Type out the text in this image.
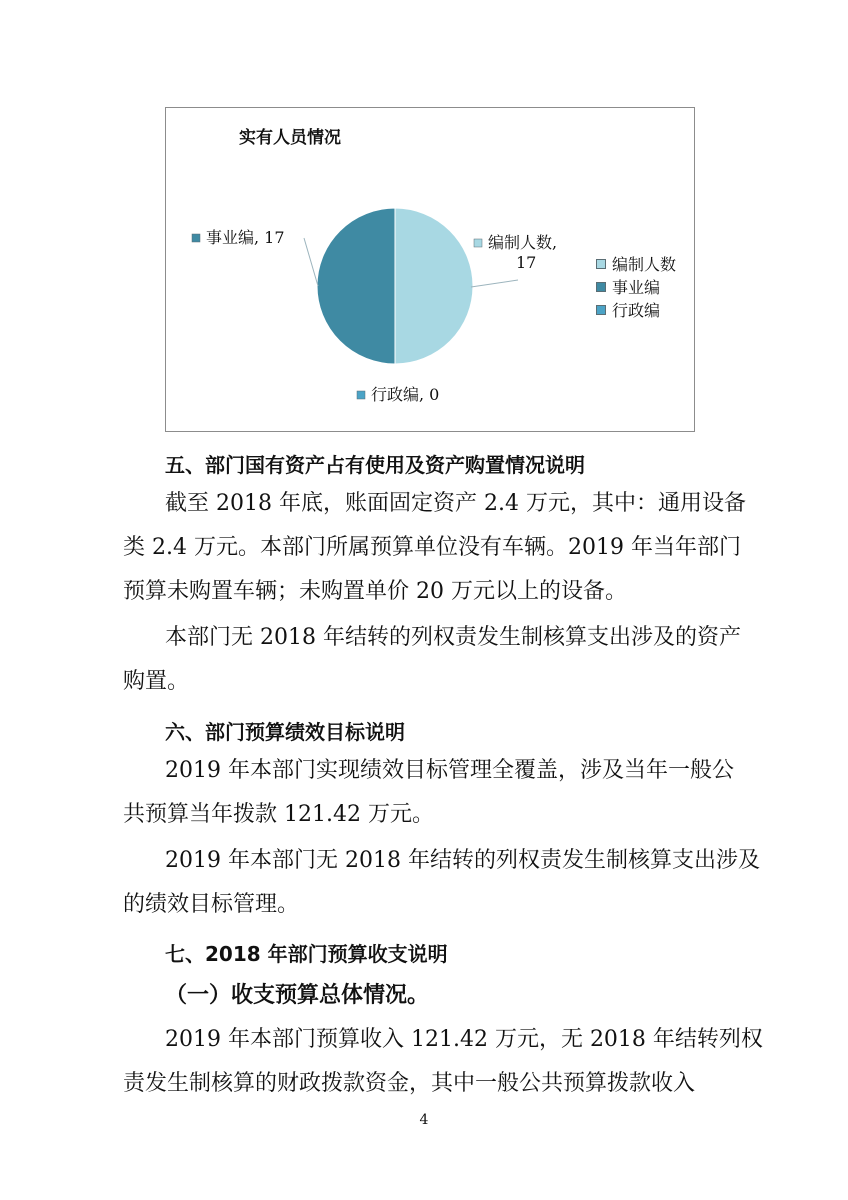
实有人员情况
编制人数,
17
事业编, 17
行政编, 0
编制人数
事业编
行政编
五、部门国有资产占有使用及资产购置情况说明
截至 2018 年底，账面固定资产 2.4 万元，其中：通用设备
类 2.4 万元。本部门所属预算单位没有车辆。2019 年当年部门
预算未购置车辆；未购置单价 20 万元以上的设备。
本部门无 2018 年结转的列权责发生制核算支出涉及的资产
购置。
六、部门预算绩效目标说明
2019 年本部门实现绩效目标管理全覆盖，涉及当年一般公
共预算当年拨款 121.42 万元。
2019 年本部门无 2018 年结转的列权责发生制核算支出涉及
的绩效目标管理。
七、2018 年部门预算收支说明
（一）收支预算总体情况。
2019 年本部门预算收入 121.42 万元，无 2018 年结转列权
责发生制核算的财政拨款资金，其中一般公共预算拨款收入
4
